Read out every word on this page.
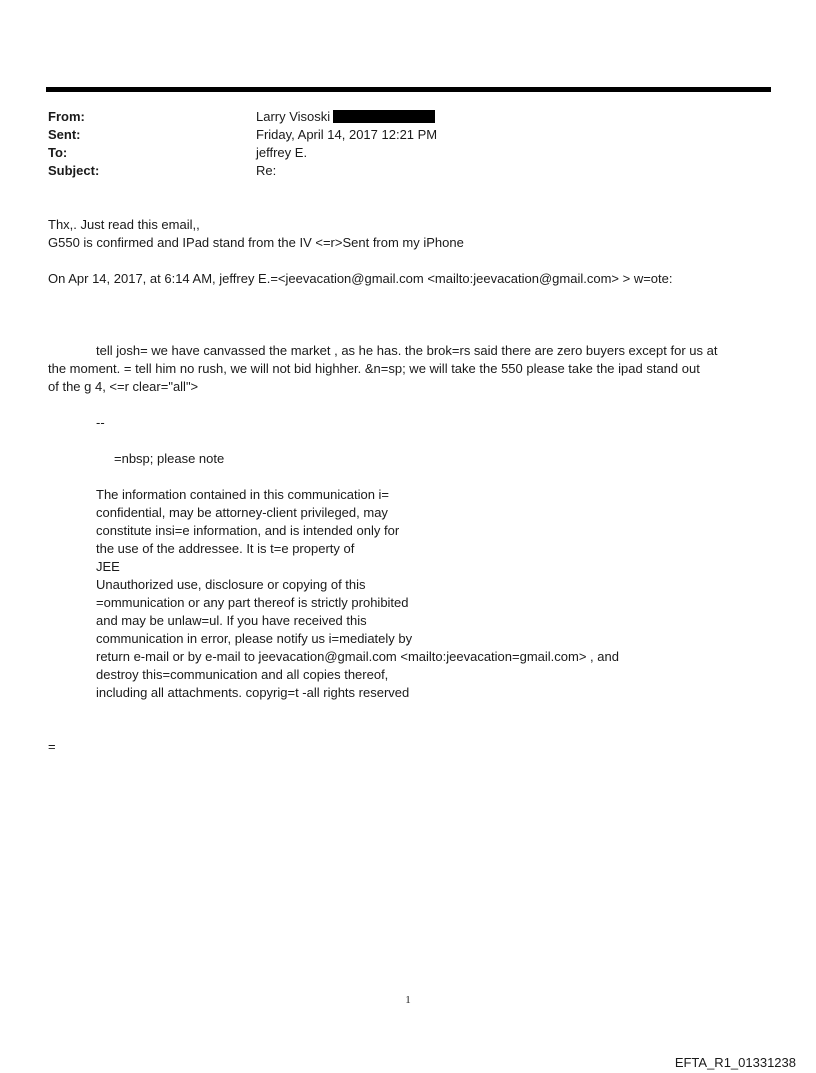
From:	Larry Visoski
Sent:	Friday, April 14, 2017 12:21 PM
To:	jeffrey E.
Subject:	Re:
Thx,. Just read this email,,
G550 is confirmed and IPad stand from the IV <=r>Sent from my iPhone
On Apr 14, 2017, at 6:14 AM, jeffrey E.=<jeevacation@gmail.com <mailto:jeevacation@gmail.com> > w=ote:
tell josh= we have canvassed the market , as he has. the brok=rs said there are zero buyers except for us at
the moment. = tell him no rush, we will not bid highher. &n=sp; we will take the 550 please take the ipad stand out
of the g 4, <=r clear="all">
--
=nbsp; please note
The information contained in this communication i=
confidential, may be attorney-client privileged, may
constitute insi=e information, and is intended only for
the use of the addressee. It is t=e property of
JEE
Unauthorized use, disclosure or copying of this
=ommunication or any part thereof is strictly prohibited
and may be unlaw=ul. If you have received this
communication in error, please notify us i=mediately by
return e-mail or by e-mail to jeevacation@gmail.com <mailto:jeevacation=gmail.com> , and
destroy this=communication and all copies thereof,
including all attachments. copyrig=t -all rights reserved
=
1
EFTA_R1_01331238
